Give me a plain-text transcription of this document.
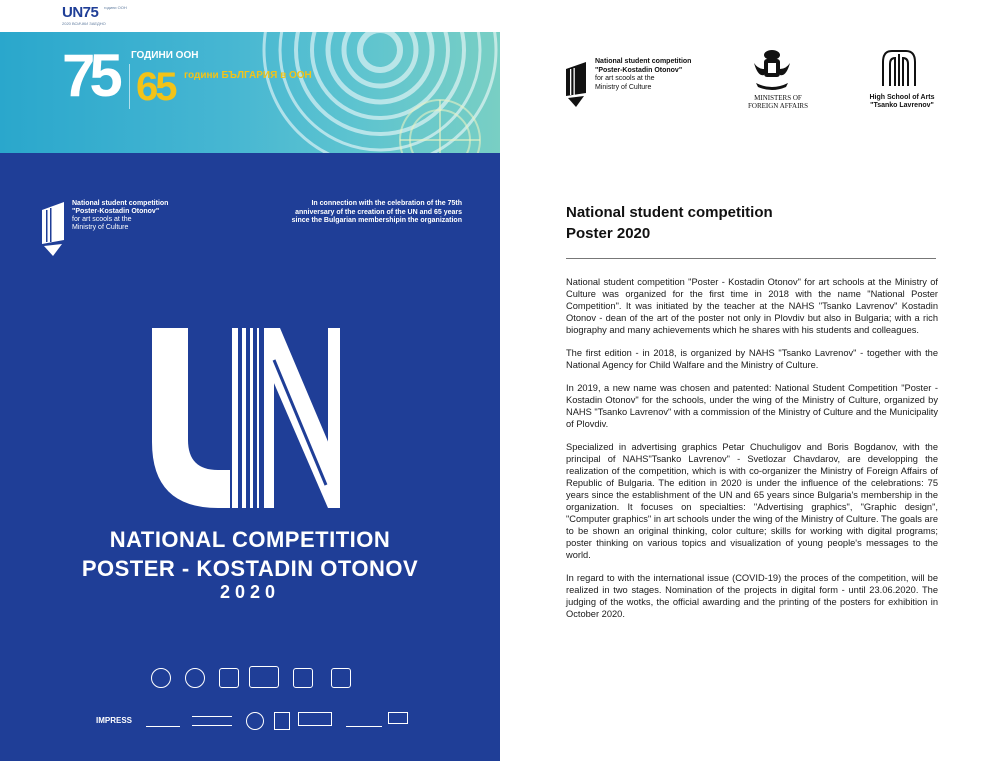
UN75 години ООН
2020 ВСИЧКИ ЗАЕДНО
75 ГОДИНИ ООН
65 години БЪЛГАРИЯ в ООН
National student competition
"Poster-Kostadin Otonov"
for art scools at the
Ministry of Culture
In connection with the celebration of the 75th anniversary of the creation of the UN and 65 years since the Bulgarian membershipin the organization
NATIONAL COMPETITION
POSTER - KOSTADIN OTONOV
2020
IMPRESS
National student competition
"Poster-Kostadin Otonov"
for art scools at the
Ministry of Culture
MINISTERS OF
FOREIGN AFFAIRS
High School of Arts
"Tsanko Lavrenov"
National student competition
Poster 2020

National student competition "Poster - Kostadin Otonov" for art schools at the Ministry of Culture was organized for the first time in 2018 with the name "National Poster Competition". It was initiated by the teacher at the NAHS "Tsanko Lavrenov" Kostadin Otonov - dean of the art of the poster not only in Plovdiv but also in Bulgaria; with a rich biography and many achievements which he shares with his students and colleagues.

The first edition - in 2018, is organized by NAHS "Tsanko Lavrenov" - together with the National Agency for Child Walfare and the Ministry of Culture.

In 2019, a new name was chosen and patented: National Student Competition "Poster - Kostadin Otonov" for the schools, under the wing of the Ministry of Culture, organized by NAHS "Tsanko Lavrenov" with a commission of the Ministry of Culture and the Municipality of Plovdiv.

Specialized in advertising graphics Petar Chuchuligov and Boris Bogdanov, with the principal of NAHS"Tsanko Lavrenov" - Svetlozar Chavdarov, are developping the realization of the competition, which is with co-organizer the Ministry of Foreign Affairs of Republic of Bulgaria. The edition in 2020 is under the influence of the celebrations: 75 years since the establishment of the UN and 65 years since Bulgaria's membership in the organization. It focuses on specialties: "Advertising graphics", "Graphic design", "Computer graphics" in art schools under the wing of the Ministry of Culture. The goals are to be shown an original thinking, color culture; skills for working with digital programs; poster thinking on various topics and visualization of young people's messages to the world.

In regard to with the international issue (COVID-19) the proces of the competition, will be realized in two stages. Nomination of the projects in digital form - until 23.06.2020. The judging of the wotks, the official awarding and the printing of the posters for exhibition in October 2020.
